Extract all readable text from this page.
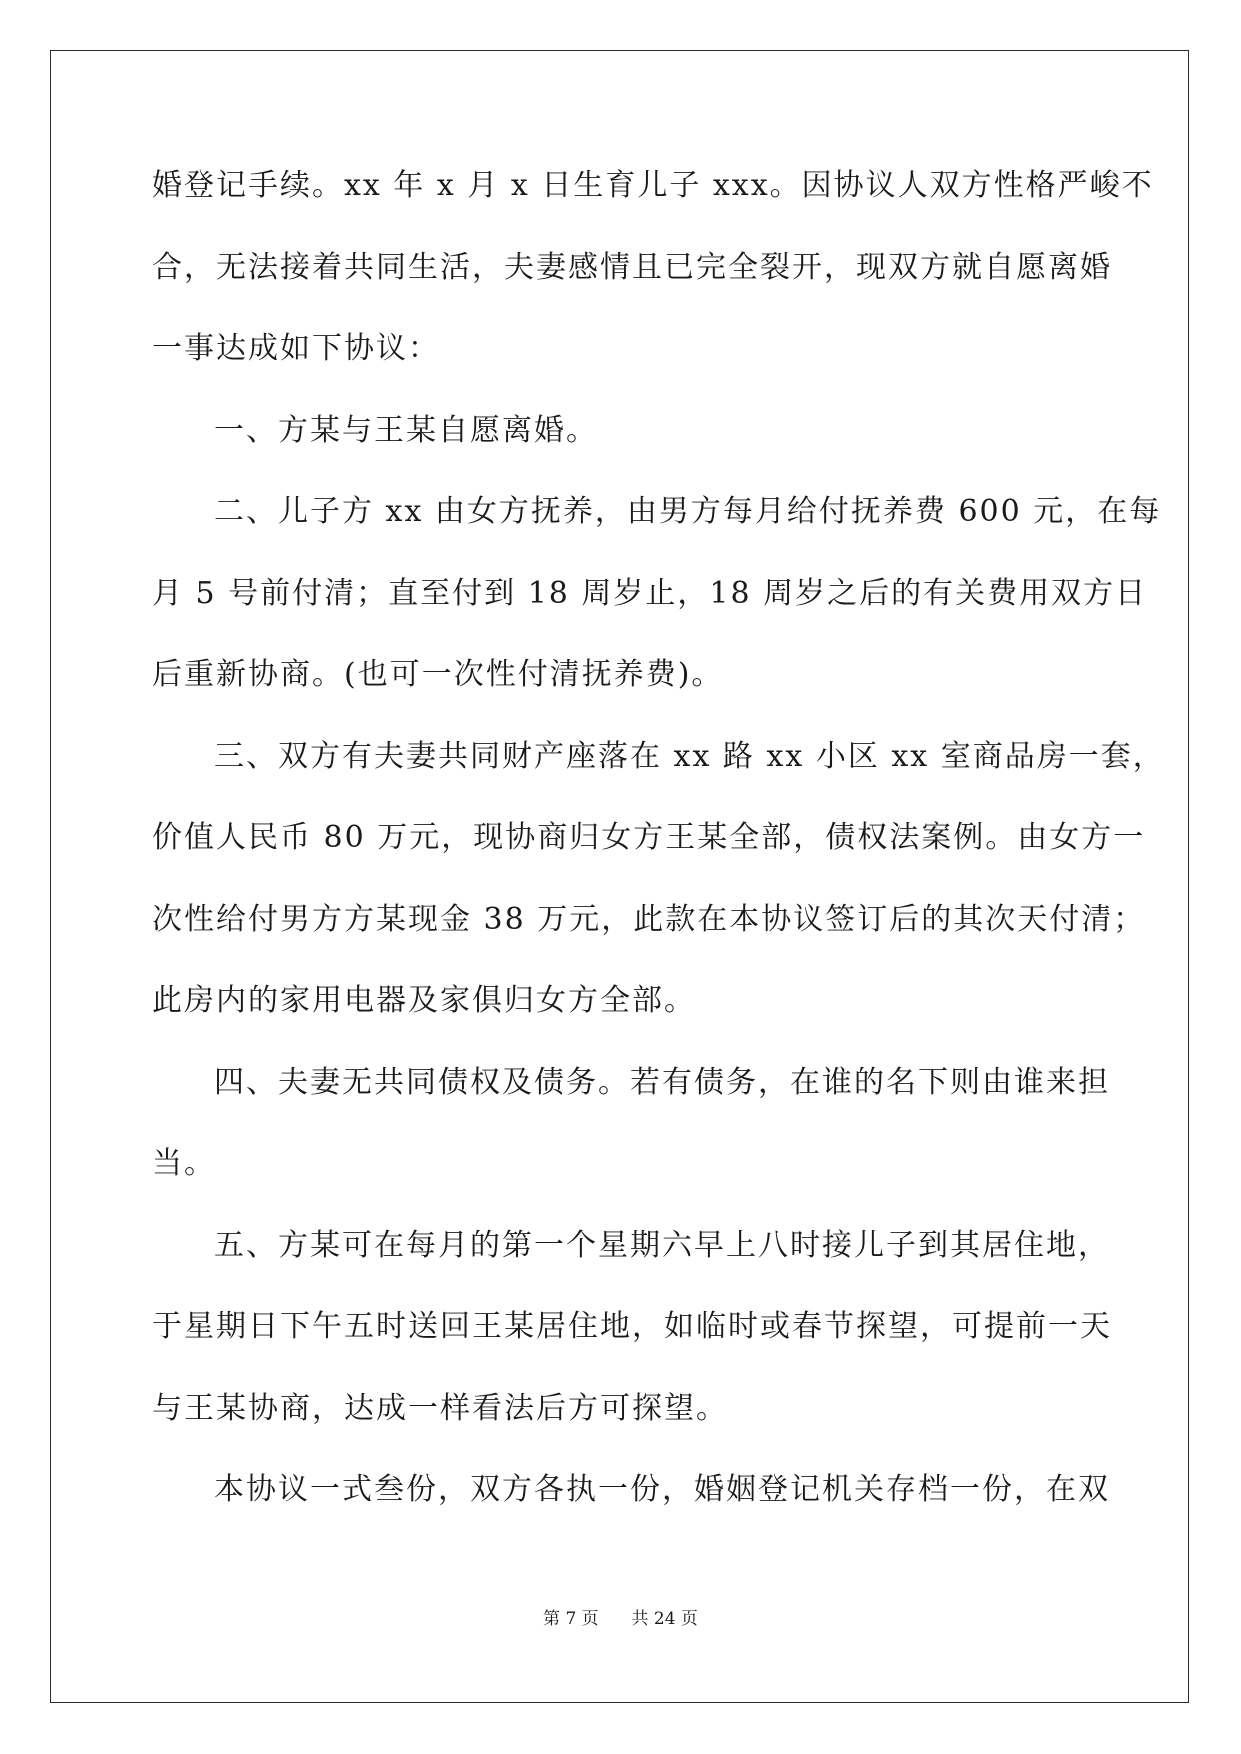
婚登记手续。xx 年 x 月 x 日生育儿子 xxx。因协议人双方性格严峻不
合，无法接着共同生活，夫妻感情且已完全裂开，现双方就自愿离婚
一事达成如下协议：
一、方某与王某自愿离婚。
二、儿子方 xx 由女方抚养，由男方每月给付抚养费 600 元，在每
月 5 号前付清；直至付到 18 周岁止，18 周岁之后的有关费用双方日
后重新协商。(也可一次性付清抚养费)。
三、双方有夫妻共同财产座落在 xx 路 xx 小区 xx 室商品房一套，
价值人民币 80 万元，现协商归女方王某全部，债权法案例。由女方一
次性给付男方方某现金 38 万元，此款在本协议签订后的其次天付清；
此房内的家用电器及家俱归女方全部。
四、夫妻无共同债权及债务。若有债务，在谁的名下则由谁来担
当。
五、方某可在每月的第一个星期六早上八时接儿子到其居住地，
于星期日下午五时送回王某居住地，如临时或春节探望，可提前一天
与王某协商，达成一样看法后方可探望。
本协议一式叁份，双方各执一份，婚姻登记机关存档一份，在双
第 7 页 共 24 页
